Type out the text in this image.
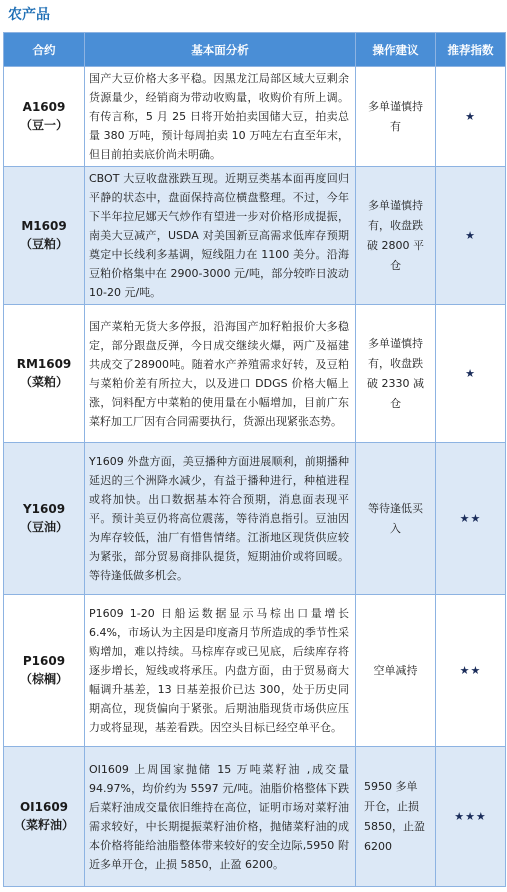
农产品
合约	基本面分析	操作建议	推荐指数

A1609
（豆一）	国产大豆价格大多平稳。因黑龙江局部区域大豆剩余货源量少，经销商为带动收购量，收购价有所上调。有传言称，5 月 25 日将开始拍卖国储大豆，拍卖总量 380 万吨，预计每周拍卖 10 万吨左右直至年末，但目前拍卖底价尚未明确。	多单谨慎持有	★

M1609
（豆粕）	CBOT 大豆收盘涨跌互现。近期豆类基本面再度回归平静的状态中，盘面保持高位横盘整理。不过，今年下半年拉尼娜天气炒作有望进一步对价格形成提振，南美大豆减产，USDA 对美国新豆高需求低库存预期奠定中长线利多基调，短线阻力在 1100 美分。沿海豆粕价格集中在 2900-3000 元/吨，部分较昨日波动 10-20 元/吨。	多单谨慎持有，收盘跌破 2800 平仓	★

RM1609
（菜粕）	国产菜粕无货大多停报，沿海国产加籽粕报价大多稳定，部分跟盘反弹，今日成交继续火爆，两广及福建共成交了28900吨。随着水产养殖需求好转，及豆粕与菜粕价差有所拉大，以及进口 DDGS 价格大幅上涨，饲料配方中菜粕的使用量在小幅增加，目前广东菜籽加工厂因有合同需要执行，货源出现紧张态势。	多单谨慎持有，收盘跌破 2330 减仓	★

Y1609
（豆油）	Y1609 外盘方面，美豆播种方面进展顺利，前期播种延迟的三个洲降水减少，有益于播种进行，种植进程或将加快。出口数据基本符合预期，消息面表现平平。预计美豆仍将高位震荡，等待消息指引。豆油因为库存较低，油厂有惜售情绪。江浙地区现货供应较为紧张，部分贸易商排队提货，短期油价或将回暖。等待逢低做多机会。	等待逢低买入	★★

P1609
（棕榈）	P1609 1-20 日船运数据显示马棕出口量增长 6.4%，市场认为主因是印度斋月节所造成的季节性采购增加，难以持续。马棕库存或已见底，后续库存将逐步增长，短线或将承压。内盘方面，由于贸易商大幅调升基差，13 日基差报价已达 300，处于历史同期高位，现货偏向于紧张。后期油脂现货市场供应压力或将显现，基差看跌。因空头目标已经空单平仓。	空单减持	★★

OI1609
（菜籽油）	OI1609 上周国家抛储 15 万吨菜籽油 ,成交量 94.97%，均价约为 5597 元/吨。油脂价格整体下跌后菜籽油成交量依旧维持在高位，证明市场对菜籽油需求较好，中长期提振菜籽油价格，抛储菜籽油的成本价格将能给油脂整体带来较好的安全边际,5950 附近多单开仓，止损 5850，止盈 6200。	5950 多单开仓，止损 5850，止盈 6200	★★★
